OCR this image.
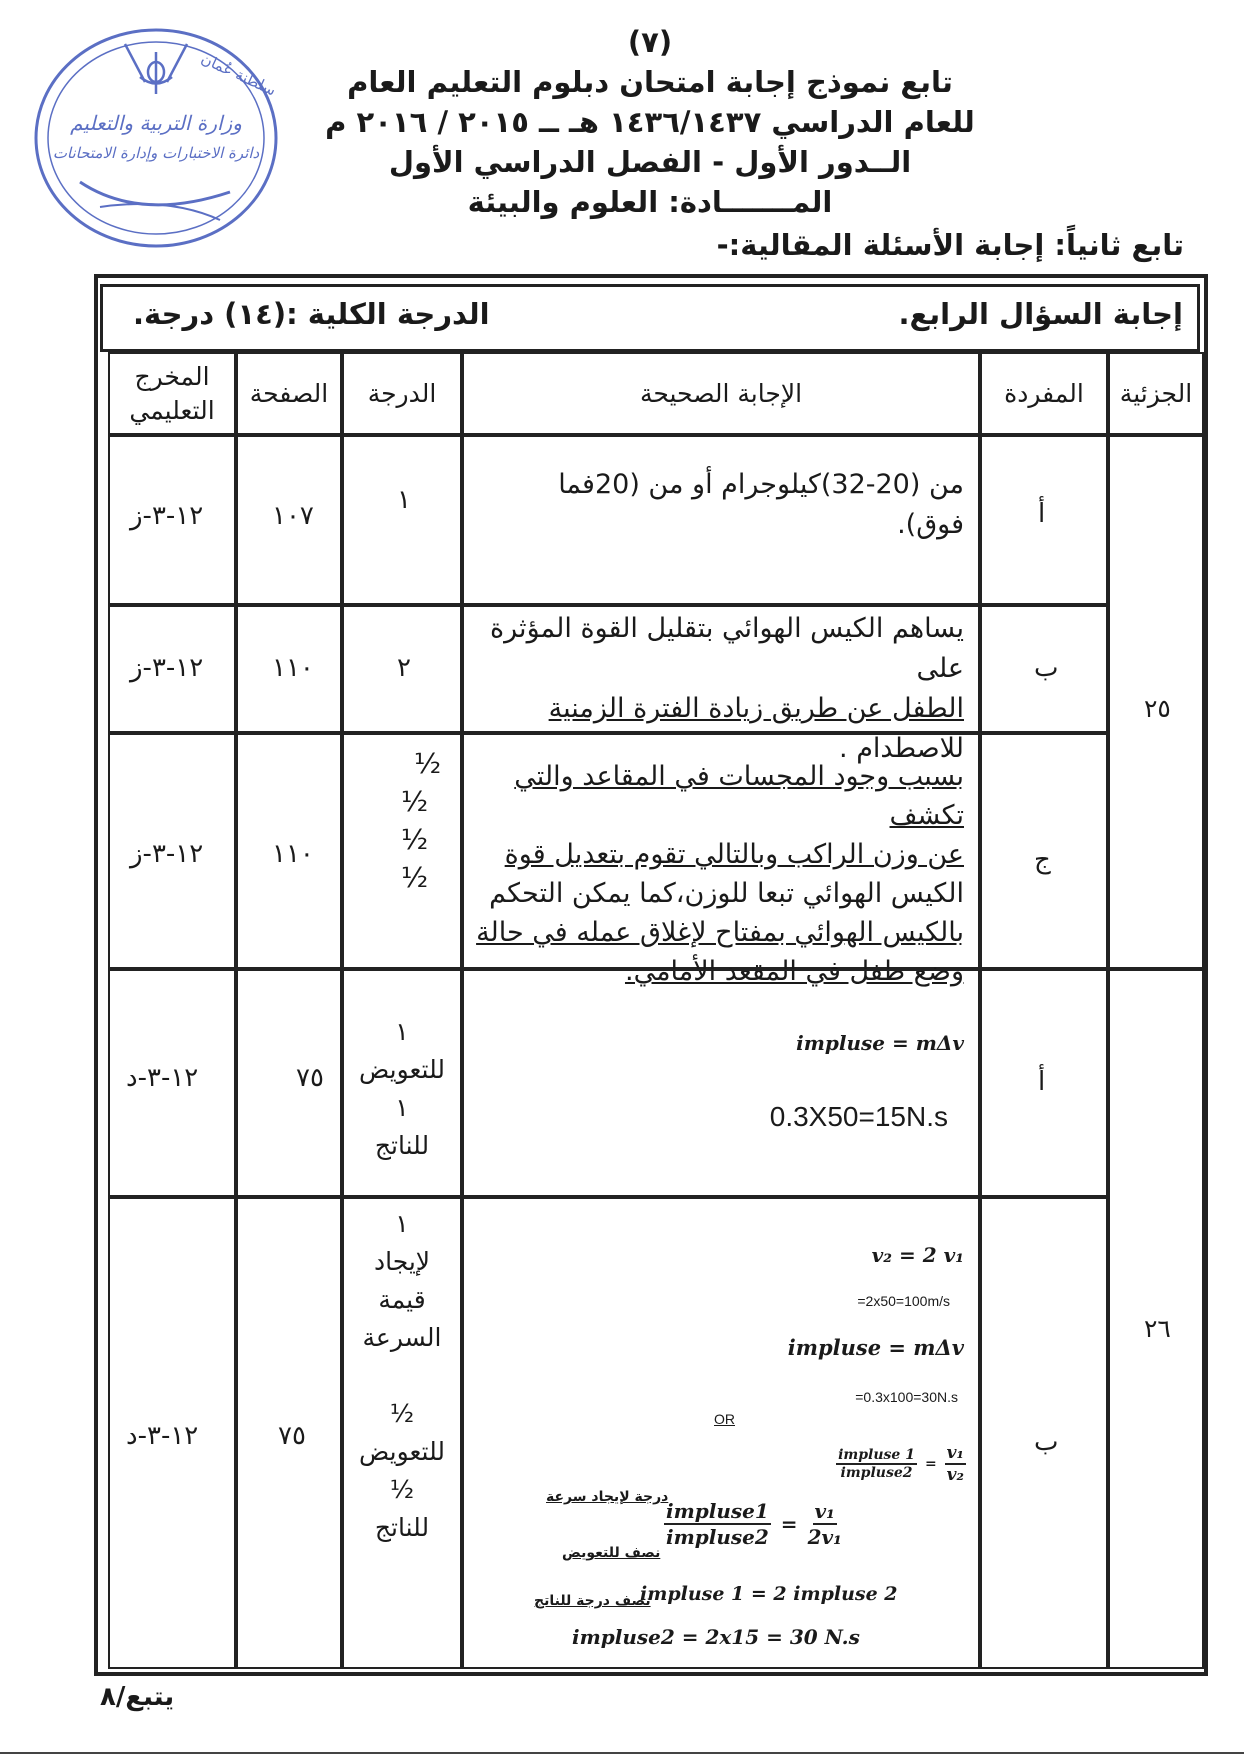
وزارة التربية والتعليم
دائرة الاختبارات وإدارة الامتحانات
سلطنة عُمان
(٧)
تابع نموذج إجابة امتحان دبلوم التعليم العام
للعام الدراسي ١٤٣٦/١٤٣٧ هـ ــ ٢٠١٥ / ٢٠١٦ م
الــدور الأول - الفصل الدراسي الأول
المـــــــادة: العلوم والبيئة
تابع ثانياً: إجابة الأسئلة المقالية:-
إجابة السؤال الرابع.
الدرجة الكلية :(١٤) درجة.
الجزئية
المفردة
الإجابة الصحيحة
الدرجة
الصفحة
المخرج
التعليمي
٢٥
٢٦
أ
من (20-32)كيلوجرام أو من (20فما
فوق).
١
١٠٧
١٢-٣-ز
ب
يساهم الكيس الهوائي بتقليل القوة المؤثرة على
الطفل عن طريق زيادة الفترة الزمنية
للاصطدام .
٢
١١٠
١٢-٣-ز
ج
بسبب وجود المجسات في المقاعد والتي تكشف
عن وزن الراكب وبالتالي تقوم بتعديل قوة
الكيس الهوائي تبعا للوزن،كما يمكن التحكم
بالكيس الهوائي بمفتاح لإغلاق عمله في حالة
وضع طفل في المقعد الأمامي.
½
½
½
½
١١٠
١٢-٣-ز
أ
impluse = mΔv
0.3X50=15N.s
١
للتعويض
١
للناتج
٧٥
١٢-٣-د
ب
v₂ = 2 v₁
=2x50=100m/s
impluse = mΔv
=0.3x100=30N.s
OR
$\frac{\text{impluse 1}}{\text{impluse2}} = \frac{\text{v₁}}{\text{v₂}}$
$\frac{\text{impluse1}}{\text{impluse2}} = \frac{\text{v₁}}{\text{2v₁}}$
درجة لإيجاد سرعة
نصف للتعويض
impluse 1 = 2 impluse 2
نصف درجة للناتج
impluse2 = 2x15 = 30 N.s
١
لإيجاد
قيمة
السرعة
½
للتعويض
½
للناتج
٧٥
١٢-٣-د
يتبع/٨
